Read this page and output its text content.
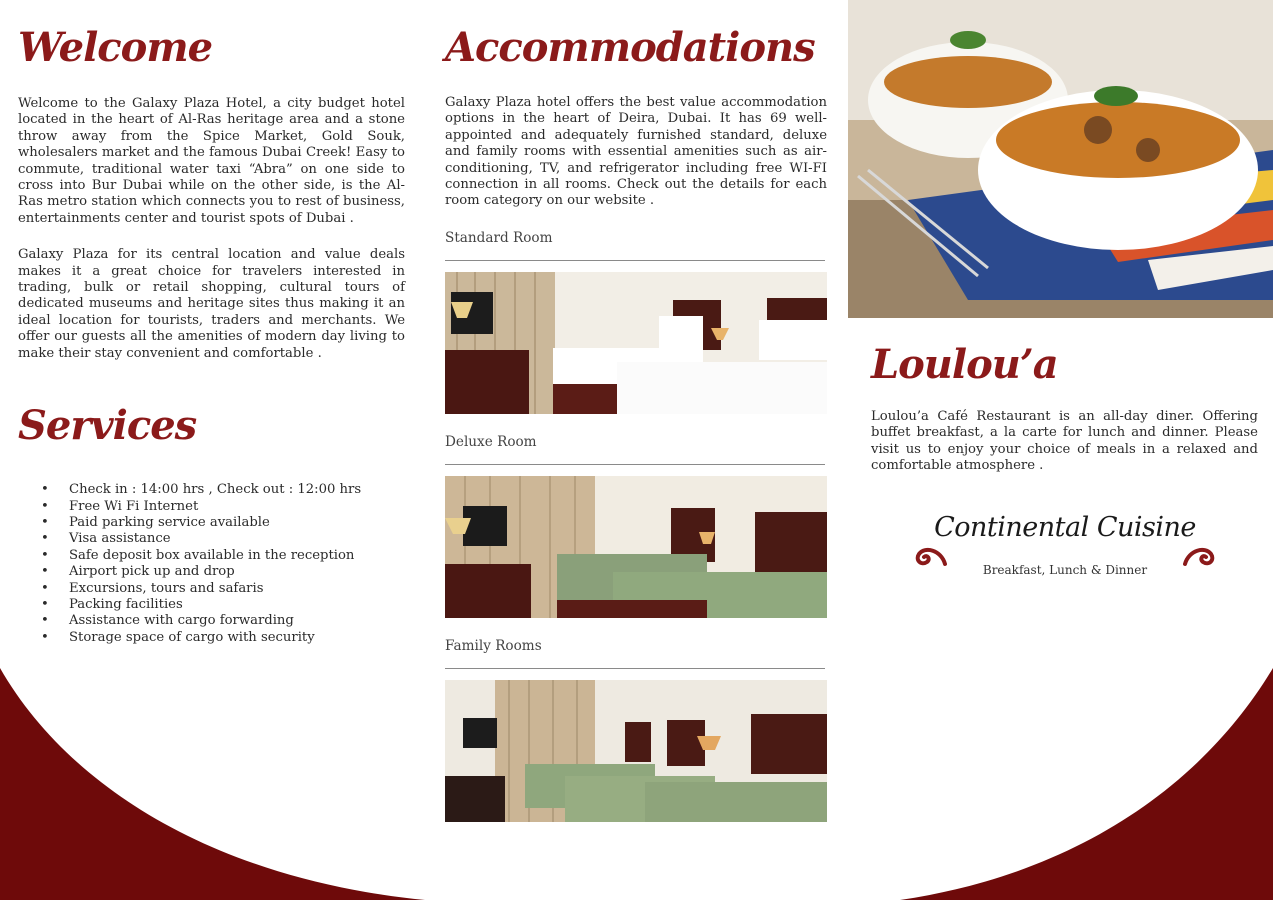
Welcome

Welcome to the Galaxy Plaza Hotel, a city budget hotel located in the heart of Al-Ras heritage area and a stone throw away from the Spice Market, Gold Souk, wholesalers market and the famous Dubai Creek! Easy to commute, traditional water taxi “Abra” on one side to cross into Bur Dubai while on the other side, is the Al-Ras metro station which connects you to rest of business, entertainments center and tourist spots of Dubai .

Galaxy Plaza for its central location and value deals makes it a great choice for travelers interested in trading, bulk or retail shopping, cultural tours of dedicated museums and heritage sites thus making it an ideal location for tourists, traders and merchants. We offer our guests all the amenities of modern day living to make their stay convenient and comfortable .

Services
• Check in : 14:00 hrs , Check out : 12:00 hrs
• Free Wi Fi Internet
• Paid parking service available
• Visa assistance
• Safe deposit box available in the reception
• Airport pick up and drop
• Excursions, tours and safaris
• Packing facilities
• Assistance with cargo forwarding
• Storage space of cargo with security
Accommodations

Galaxy Plaza hotel offers the best value accommodation options in the heart of Deira, Dubai. It has 69 well-appointed and adequately furnished standard, deluxe and family rooms with essential amenities such as air-conditioning, TV, and refrigerator including free WI-FI connection in all rooms. Check out the details for each room category on our website .

Standard Room
Deluxe Room
Family Rooms
Loulou’a

Loulou’a Café Restaurant is an all-day diner. Offering buffet breakfast, a la carte for lunch and dinner. Please visit us to enjoy your choice of meals in a relaxed and comfortable atmosphere .

Continental Cuisine
Breakfast, Lunch & Dinner
